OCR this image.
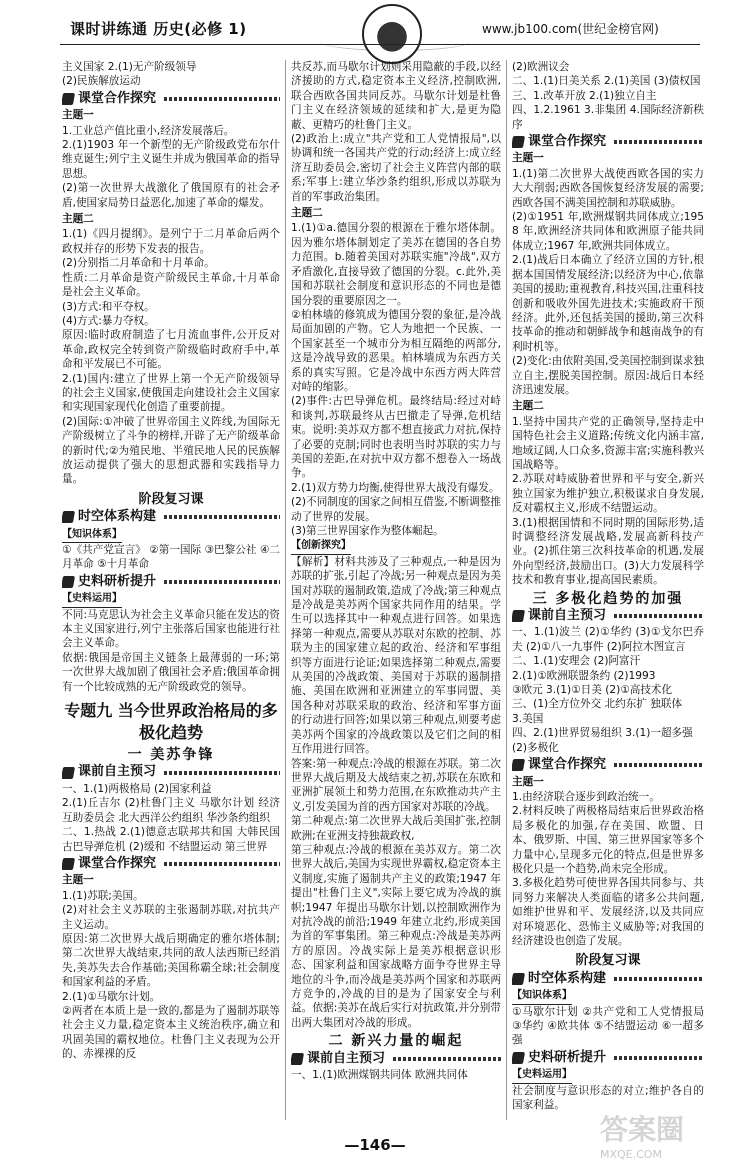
课时讲练通 历史(必修 1)	www.jb100.com(世纪金榜官网)
主义国家 2.(1)无产阶级领导
(2)民族解放运动
课堂合作探究
主题一
1.工业总产值比重小,经济发展落后。
2.(1)1903 年一个新型的无产阶级政党布尔什维克诞生;列宁主义诞生并成为俄国革命的指导思想。
(2)第一次世界大战激化了俄国原有的社会矛盾,使国家局势日益恶化,加速了革命的爆发。
主题二
1.(1)《四月提纲》。是列宁于二月革命后两个政权并存的形势下发表的报告。
(2)分别指二月革命和十月革命。
性质:二月革命是资产阶级民主革命,十月革命是社会主义革命。
(3)方式:和平夺权。
(4)方式:暴力夺权。
原因:临时政府制造了七月流血事件,公开反对革命,政权完全转到资产阶级临时政府手中,革命和平发展已不可能。
2.(1)国内:建立了世界上第一个无产阶级领导的社会主义国家,使俄国走向建设社会主义国家和实现国家现代化创造了重要前提。
(2)国际:①冲破了世界帝国主义阵线,为国际无产阶级树立了斗争的榜样,开辟了无产阶级革命的新时代;②为殖民地、半殖民地人民的民族解放运动提供了强大的思想武器和实践指导力量。
阶段复习课
时空体系构建
【知识体系】
①《共产党宣言》 ②第一国际 ③巴黎公社 ④二月革命 ⑤十月革命
史料研析提升
【史料运用】
不同:马克思认为社会主义革命只能在发达的资本主义国家进行,列宁主张落后国家也能进行社会主义革命。
依据:俄国是帝国主义链条上最薄弱的一环;第一次世界大战加剧了俄国社会矛盾;俄国革命拥有一个比较成熟的无产阶级政党的领导。
专题九 当今世界政治格局的多极化趋势
一 美苏争锋
课前自主预习
一、1.(1)两极格局 (2)国家利益
2.(1)丘吉尔 (2)杜鲁门主义 马歇尔计划 经济互助委员会 北大西洋公约组织 华沙条约组织
二、1.热战 2.(1)德意志联邦共和国 大韩民国 古巴导弹危机 (2)缓和 不结盟运动 第三世界
课堂合作探究
主题一
1.(1)苏联;美国。
(2)对社会主义苏联的主张遏制苏联,对抗共产主义运动。
原因:第二次世界大战后期确定的雅尔塔体制;第二次世界大战结束,共同的敌人法西斯已经消失,美苏失去合作基础;美国称霸全球;社会制度和国家利益的矛盾。
2.(1)①马歇尔计划。
②两者在本质上是一致的,都是为了遏制苏联等社会主义力量,稳定资本主义统治秩序,确立和巩固美国的霸权地位。杜鲁门主义表现为公开的、赤裸裸的反
共反苏,而马歇尔计划则采用隐蔽的手段,以经济援助的方式,稳定资本主义经济,控制欧洲,联合西欧各国共同反苏。马歇尔计划是杜鲁门主义在经济领域的延续和扩大,是更为隐蔽、更精巧的杜鲁门主义。
(2)政治上:成立"共产党和工人党情报局",以协调和统一各国共产党的行动;经济上:成立经济互助委员会,密切了社会主义阵营内部的联系;军事上:建立华沙条约组织,形成以苏联为首的军事政治集团。
主题二
1.(1)①a.德国分裂的根源在于雅尔塔体制。因为雅尔塔体制划定了美苏在德国的各自势力范围。b.随着美国对苏联实施"冷战",双方矛盾激化,直接导致了德国的分裂。c.此外,美国和苏联社会制度和意识形态的不同也是德国分裂的重要原因之一。
②柏林墙的修筑成为德国分裂的象征,是冷战局面加剧的产物。它人为地把一个民族、一个国家甚至一个城市分为相互隔绝的两部分,这是冷战导致的恶果。柏林墙成为东西方关系的真实写照。它是冷战中东西方两大阵营对峙的缩影。
(2)事件:古巴导弹危机。最终结局:经过对峙和谈判,苏联最终从古巴撤走了导弹,危机结束。说明:美苏双方都不想直接武力对抗,保持了必要的克制;同时也表明当时苏联的实力与美国的差距,在对抗中双方都不想卷入一场战争。
2.(1)双方势力均衡,使得世界大战没有爆发。
(2)不同制度的国家之间相互借鉴,不断调整推动了世界的发展。
(3)第三世界国家作为整体崛起。
【创新探究】
【解析】材料共涉及了三种观点,一种是因为苏联的扩张,引起了冷战;另一种观点是因为美国对苏联的遏制政策,造成了冷战;第三种观点是冷战是美苏两个国家共同作用的结果。学生可以选择其中一种观点进行回答。如果选择第一种观点,需要从苏联对东欧的控制、苏联为主的国家建立起的政治、经济和军事组织等方面进行论证;如果选择第二种观点,需要从美国的冷战政策、美国对于苏联的遏制措施、美国在欧洲和亚洲建立的军事同盟、美国各种对苏联采取的政治、经济和军事方面的行动进行回答;如果以第三种观点,则要考虑美苏两个国家的冷战政策以及它们之间的相互作用进行回答。
答案:第一种观点:冷战的根源在苏联。第二次世界大战后期及大战结束之初,苏联在东欧和亚洲扩展领土和势力范围,在东欧推动共产主义,引发美国为首的西方国家对苏联的冷战。
第二种观点:第二次世界大战后美国扩张,控制欧洲;在亚洲支持独裁政权,
第三种观点:冷战的根源在美苏双方。第二次世界大战后,美国为实现世界霸权,稳定资本主义制度,实施了遏制共产主义的政策;1947 年提出"杜鲁门主义",实际上要它成为冷战的旗帜;1947 年提出马歇尔计划,以控制欧洲作为对抗冷战的前沿;1949 年建立北约,形成美国为首的军事集团。第三种观点:冷战是美苏两方的原因。冷战实际上是美苏根据意识形态、国家利益和国家战略方面争夺世界主导地位的斗争,而冷战是美苏两个国家和苏联两方竞争的,冷战的目的是为了国家安全与利益。依据:美苏在战后实行对抗政策,并分别带出两大集团对冷战的形成。
二 新兴力量的崛起
课前自主预习
一、1.(1)欧洲煤钢共同体 欧洲共同体
(2)欧洲议会
二、1.(1)日美关系 2.(1)美国 (3)债权国
三、1.改革开放 2.(1)独立自主
四、1.2.1961 3.非集团 4.国际经济新秩序
课堂合作探究
主题一
1.(1)第二次世界大战使西欧各国的实力大大削弱;西欧各国恢复经济发展的需要;西欧各国不满美国控制和苏联威胁。
(2)①1951 年,欧洲煤钢共同体成立;1958 年,欧洲经济共同体和欧洲原子能共同体成立;1967 年,欧洲共同体成立。
2.(1)战后日本确立了经济立国的方针,根据本国国情发展经济;以经济为中心,依靠美国的援助;重视教育,科技兴国,注重科技创新和吸收外国先进技术;实施政府干预经济。此外,还包括美国的援助,第三次科技革命的推动和朝鲜战争和越南战争的有利时机等。
(2)变化:由依附美国,受美国控制到谋求独立自主,摆脱美国控制。原因:战后日本经济迅速发展。
主题二
1.坚持中国共产党的正确领导,坚持走中国特色社会主义道路;传统文化内涵丰富,地域辽阔,人口众多,资源丰富;实施科教兴国战略等。
2.苏联对峙威胁着世界和平与安全,新兴独立国家为维护独立,积极谋求自身发展,反对霸权主义,形成不结盟运动。
3.(1)根据国情和不同时期的国际形势,适时调整经济发展战略,发展高新科技产业。(2)抓住第三次科技革命的机遇,发展外向型经济,鼓励出口。(3)大力发展科学技术和教育事业,提高国民素质。
三 多极化趋势的加强
课前自主预习
一、1.(1)波兰 (2)①华约 (3)①戈尔巴乔夫 (2)①八一九事件 (2)阿拉木图宣言
二、1.(1)安理会 (2)阿富汗
2.(1)①欧洲联盟条约 (2)1993
③欧元 3.(1)①日美 (2)①高技术化
三、(1)全方位外交 北约东扩 独联体
3.美国
四、2.(1)世界贸易组织 3.(1)一超多强
(2)多极化
课堂合作探究
主题一
1.由经济联合逐步到政治统一。
2.材料反映了两极格局结束后世界政治格局多极化的加强,存在美国、欧盟、日本、俄罗斯、中国、第三世界国家等多个力量中心,呈现多元化的特点,但是世界多极化只是一个趋势,尚未完全形成。
3.多极化趋势可使世界各国共同参与、共同努力来解决人类面临的诸多公共问题,如维护世界和平、发展经济,以及共同应对环境恶化、恐怖主义威胁等;对我国的经济建设也创造了发展。
阶段复习课
时空体系构建
【知识体系】
①马歇尔计划 ②共产党和工人党情报局 ③华约 ④欧共体 ⑤不结盟运动 ⑥一超多强
史料研析提升
【史料运用】
社会制度与意识形态的对立;维护各自的国家利益。
答案圈
MXQE.COM
—146—
